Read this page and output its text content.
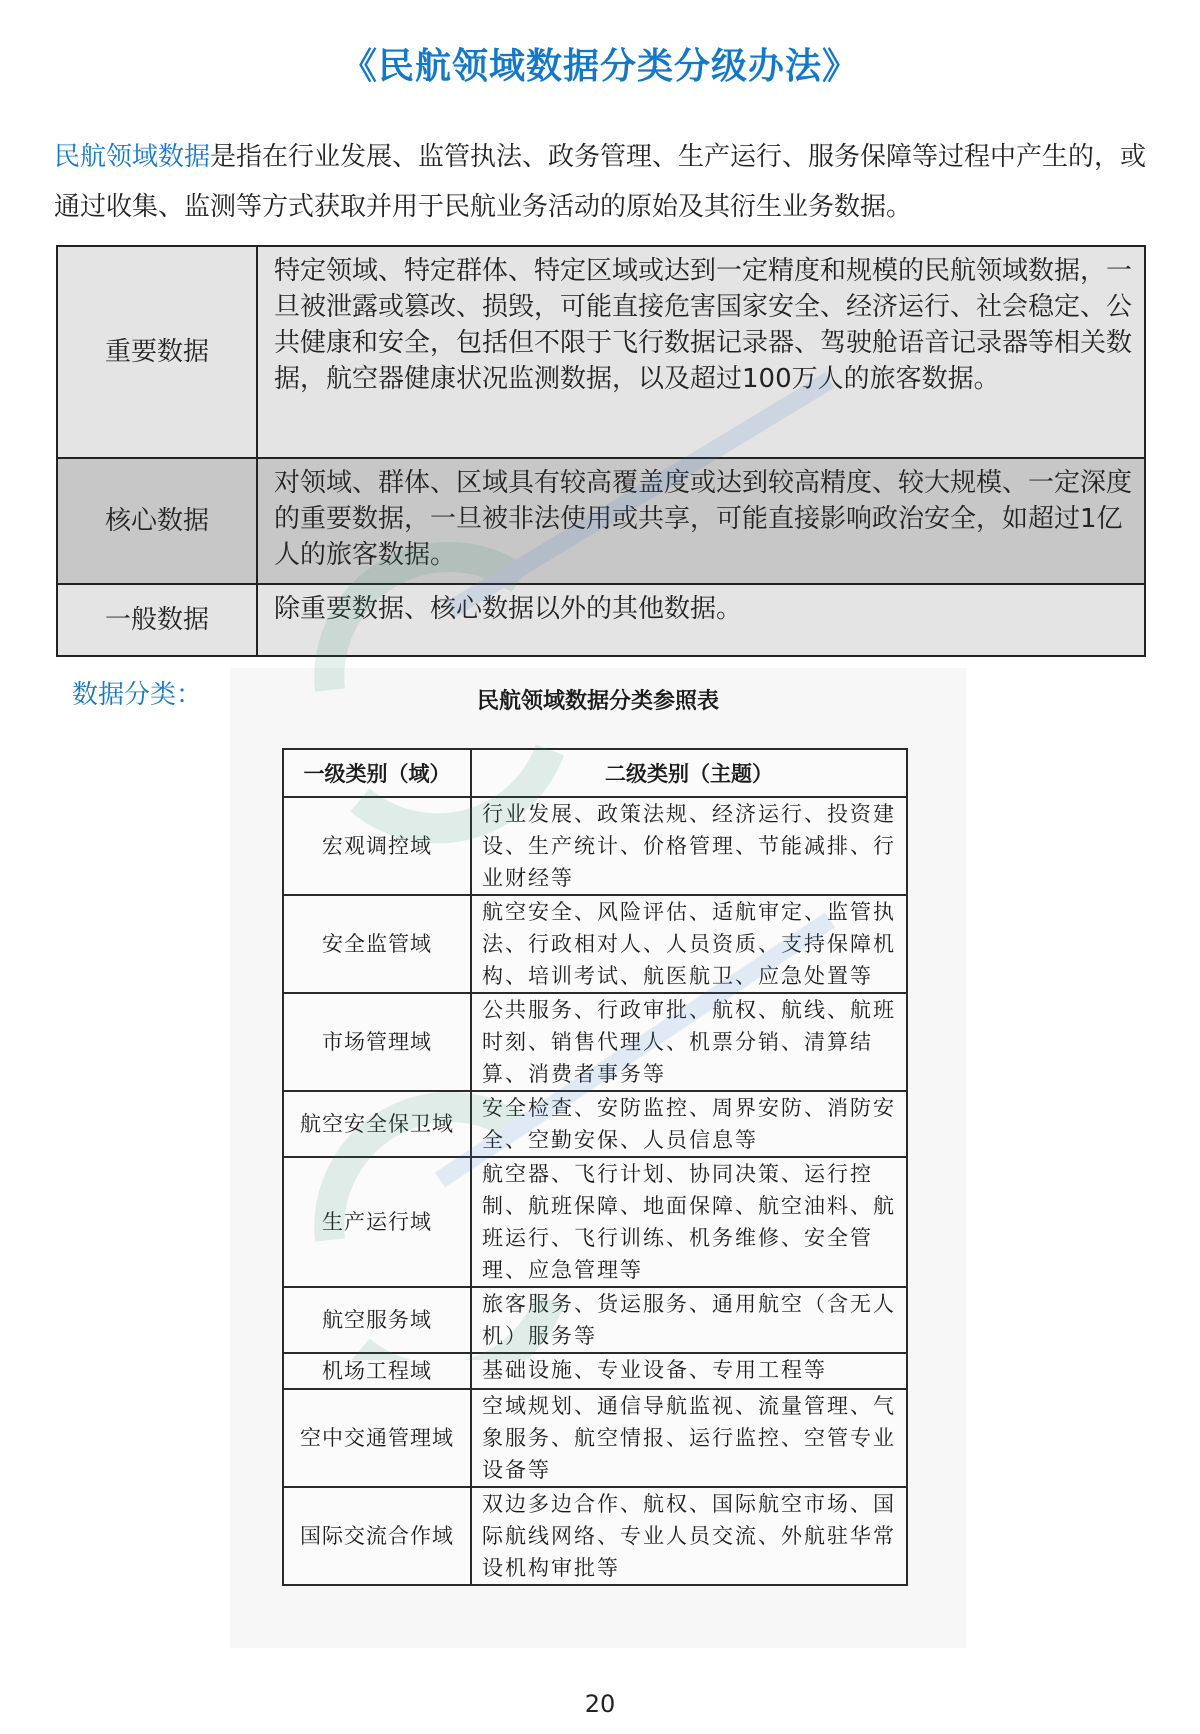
《民航领域数据分类分级办法》
民航领域数据是指在行业发展、监管执法、政务管理、生产运行、服务保障等过程中产生的，或通过收集、监测等方式获取并用于民航业务活动的原始及其衍生业务数据。
重要数据	特定领域、特定群体、特定区域或达到一定精度和规模的民航领域数据，一旦被泄露或篡改、损毁，可能直接危害国家安全、经济运行、社会稳定、公共健康和安全，包括但不限于飞行数据记录器、驾驶舱语音记录器等相关数据，航空器健康状况监测数据，以及超过100万人的旅客数据。
核心数据	对领域、群体、区域具有较高覆盖度或达到较高精度、较大规模、一定深度的重要数据，一旦被非法使用或共享，可能直接影响政治安全，如超过1亿人的旅客数据。
一般数据	除重要数据、核心数据以外的其他数据。
数据分类：	民航领域数据分类参照表
一级类别（域）	二级类别（主题）
宏观调控域	行业发展、政策法规、经济运行、投资建设、生产统计、价格管理、节能减排、行业财经等
安全监管域	航空安全、风险评估、适航审定、监管执法、行政相对人、人员资质、支持保障机构、培训考试、航医航卫、应急处置等
市场管理域	公共服务、行政审批、航权、航线、航班时刻、销售代理人、机票分销、清算结算、消费者事务等
航空安全保卫域	安全检查、安防监控、周界安防、消防安全、空勤安保、人员信息等
生产运行域	航空器、飞行计划、协同决策、运行控制、航班保障、地面保障、航空油料、航班运行、飞行训练、机务维修、安全管理、应急管理等
航空服务域	旅客服务、货运服务、通用航空（含无人机）服务等
机场工程域	基础设施、专业设备、专用工程等
空中交通管理域	空域规划、通信导航监视、流量管理、气象服务、航空情报、运行监控、空管专业设备等
国际交流合作域	双边多边合作、航权、国际航空市场、国际航线网络、专业人员交流、外航驻华常设机构审批等
20
